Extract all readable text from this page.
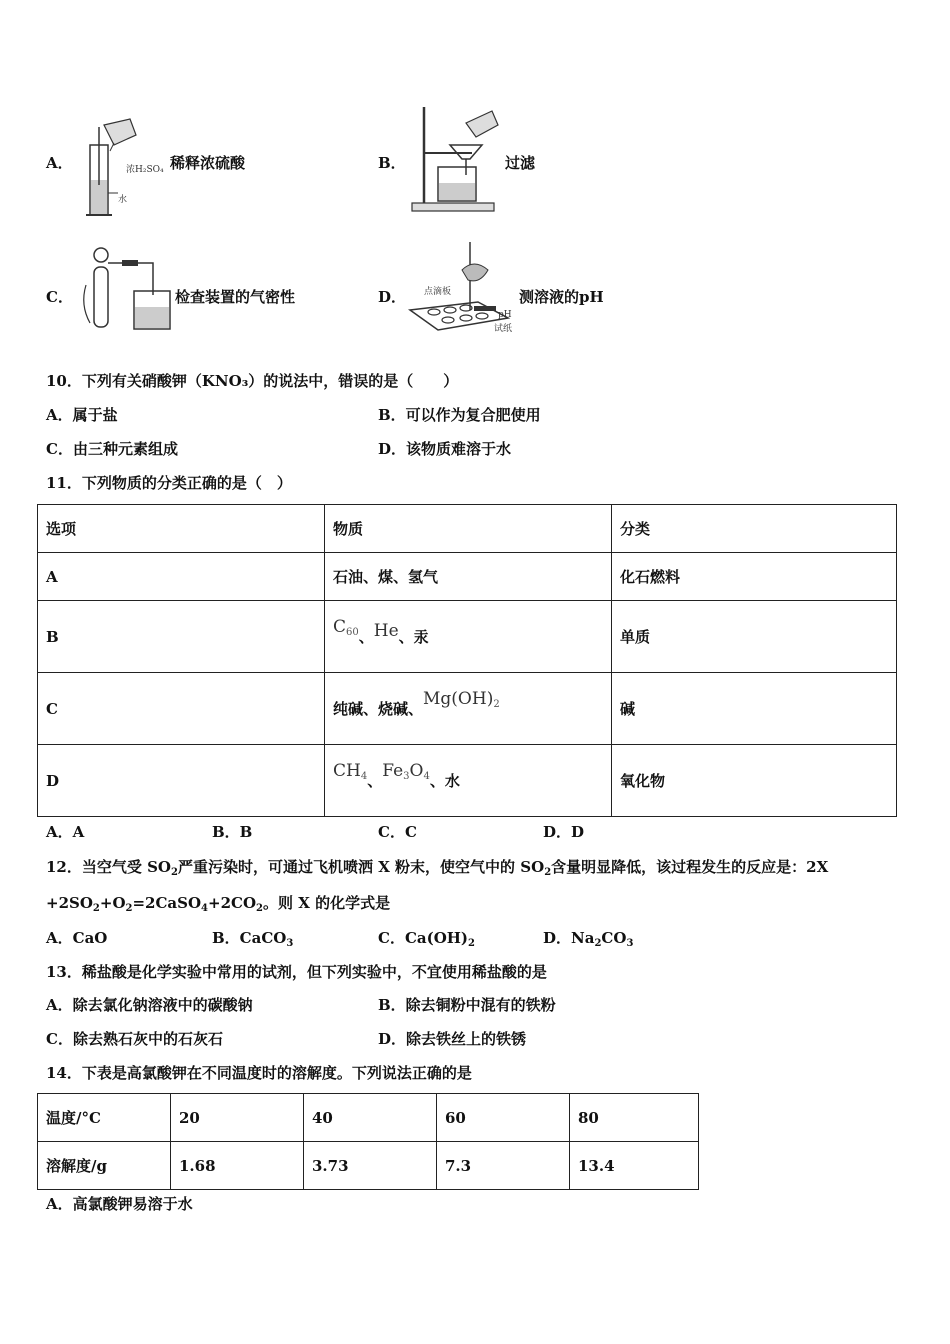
A．	浓H₂SO₄
水
稀释浓硫酸	B．	过滤
C．	检查装置的气密性	D． 点滴板
pH
试纸
测溶液的pH
10．下列有关硝酸钾（KNO₃）的说法中，错误的是（　　）
A．属于盐	B．可以作为复合肥使用
C．由三种元素组成	D．该物质难溶于水
11．下列物质的分类正确的是（　）
选项	物质	分类
A	石油、煤、氢气	化石燃料
B	$C_{60}$、He、汞	单质
C	纯碱、烧碱、$Mg(OH)_2$	碱
D	$CH_4$、$Fe_3O_4$、水	氧化物
A．A	B．B	C．C	D．D
12．当空气受 $SO_2$严重污染时，可通过飞机喷洒 X 粉末，使空气中的 $SO_2$含量明显降低，该过程发生的反应是：2X
$+2SO_2+O_2=2CaSO_4+2CO_2$。则 X 的化学式是
A．CaO	B．CaCO$_3$	C．$Ca(OH)_2$	D．$Na_2CO_3$
13．稀盐酸是化学实验中常用的试剂，但下列实验中，不宜使用稀盐酸的是
A．除去氯化钠溶液中的碳酸钠	B．除去铜粉中混有的铁粉
C．除去熟石灰中的石灰石	D．除去铁丝上的铁锈
14．下表是高氯酸钾在不同温度时的溶解度。下列说法正确的是
温度/°C	20	40	60	80
溶解度/g	1.68	3.73	7.3	13.4
A．高氯酸钾易溶于水
